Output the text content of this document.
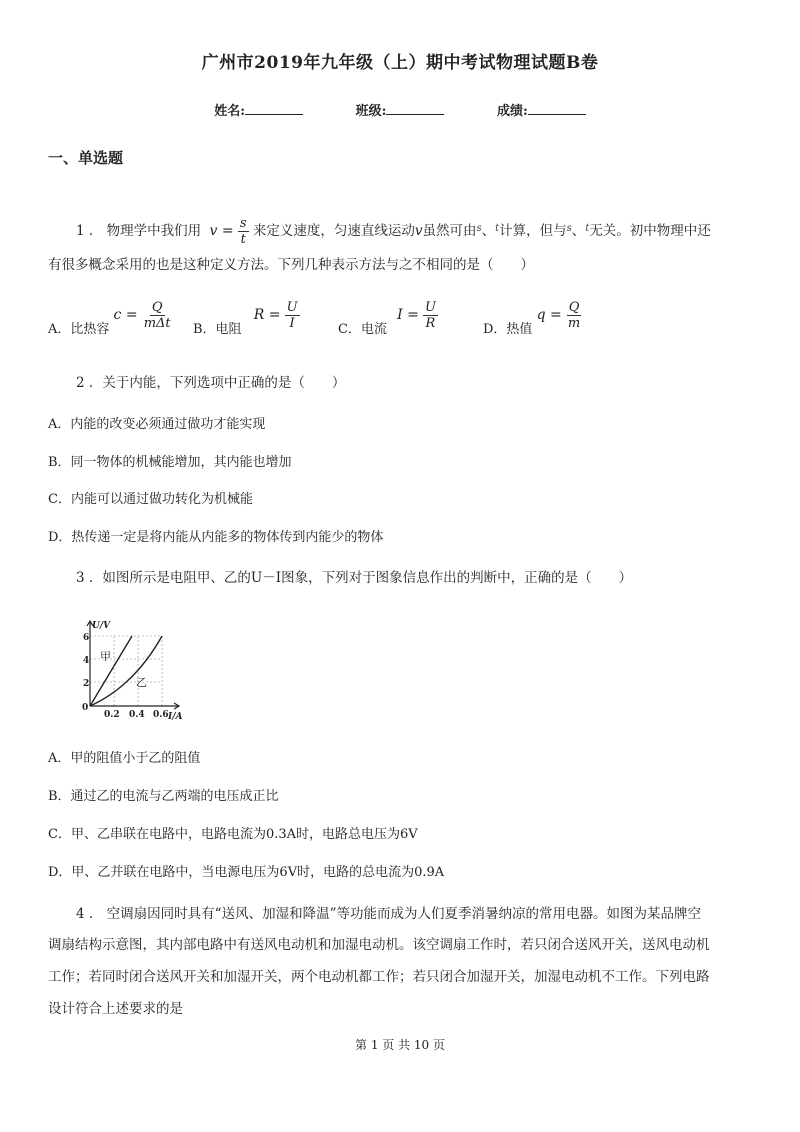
广州市2019年九年级（上）期中考试物理试题B卷
姓名:	班级:	成绩:
一、单选题
1 ． 物理学中我们用 $v = \frac{s}{t}$ 来定义速度，匀速直线运动v虽然可由$^s$、$^t$计算，但与$^s$、$^t$无关。初中物理中还
有很多概念采用的也是这种定义方法。下列几种表示方法与之不相同的是（　　）
A．比热容 $c = \frac{Q}{\text{mΔt}}$ B．电阻 $R = \frac{U}{I}$	C．电流 $I = \frac{U}{R}$	D．热值 $q = \frac{Q}{m}$
2 ．关于内能，下列选项中正确的是（　　）
A．内能的改变必须通过做功才能实现
B．同一物体的机械能增加，其内能也增加
C．内能可以通过做功转化为机械能
D．热传递一定是将内能从内能多的物体传到内能少的物体
3 ．如图所示是电阻甲、乙的U－I图象，下列对于图象信息作出的判断中，正确的是（　　）
U/V
I/A
0
2
4
6
0.2 0.4 0.6
甲
乙
A．甲的阻值小于乙的阻值
B．通过乙的电流与乙两端的电压成正比
C．甲、乙串联在电路中，电路电流为0.3A时，电路总电压为6V
D．甲、乙并联在电路中，当电源电压为6V时，电路的总电流为0.9A
4 ． 空调扇因同时具有“送风、加湿和降温”等功能而成为人们夏季消暑纳凉的常用电器。如图为某品牌空
调扇结构示意图，其内部电路中有送风电动机和加湿电动机。该空调扇工作时，若只闭合送风开关，送风电动机
工作；若同时闭合送风开关和加湿开关，两个电动机都工作；若只闭合加湿开关，加湿电动机不工作。下列电路
设计符合上述要求的是
第 1 页 共 10 页
